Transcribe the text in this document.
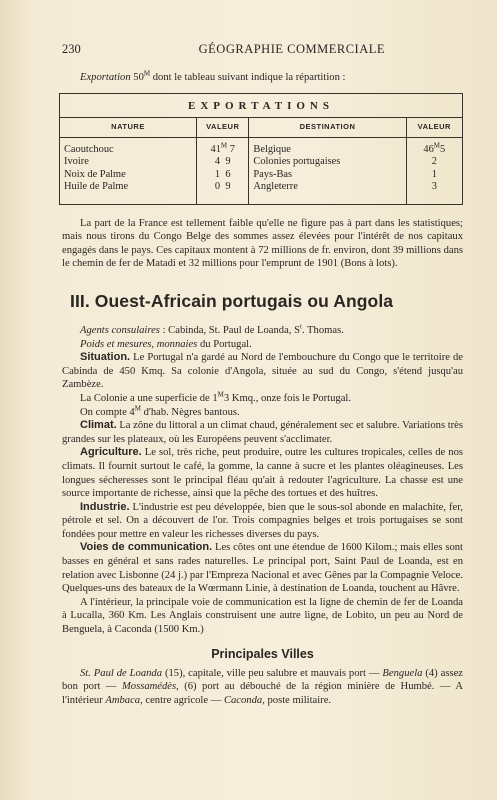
230	GÉOGRAPHIE COMMERCIALE

Exportation $50^M$ dont le tableau suivant indique la répartition :

EXPORTATIONS			
NATURE	VALEUR	DESTINATION	VALEUR
Caoutchouc	$41^M$ 7	Belgique	$46^M5$
Ivoire	4  9	Colonies portugaises	2
Noix de Palme	1  6	Pays-Bas	1
Huile de Palme	0  9	Angleterre	3

La part de la France est tellement faible qu'elle ne figure pas à part dans les statistiques; mais nous tirons du Congo Belge des sommes assez élevées pour l'intérêt de nos capitaux engagés dans le pays. Ces capitaux montent à 72 millions de fr. environ, dont 39 millions dans le chemin de fer de Matadi et 32 millions pour l'emprunt de 1901 (Bons à lots).

III. Ouest-Africain portugais ou Angola

Agents consulaires : Cabinda, St. Paul de Loanda, $S^t$. Thomas.

Poids et mesures, monnaies du Portugal.

Situation. Le Portugal n'a gardé au Nord de l'embouchure du Congo que le territoire de Cabinda de 450 Kmq. Sa colonie d'Angola, située au sud du Congo, s'étend jusqu'au Zambèze.

La Colonie a une superficie de $1^M3$ Kmq., onze fois le Portugal.

On compte $4^M$ d'hab. Nègres bantous.

Climat. La zône du littoral a un climat chaud, généralement sec et salubre. Variations très grandes sur les plateaux, où les Européens peuvent s'acclimater.

Agriculture. Le sol, très riche, peut produire, outre les cultures tropicales, celles de nos climats. Il fournit surtout le café, la gomme, la canne à sucre et les plantes oléagineuses. Les longues sécheresses sont le principal fléau qu'ait à redouter l'agriculture. La chasse est une source importante de richesse, ainsi que la pêche des tortues et des huîtres.

Industrie. L'industrie est peu développée, bien que le sous-sol abonde en malachite, fer, pétrole et sel. On a découvert de l'or. Trois compagnies belges et trois portugaises se sont fondées pour mettre en valeur les richesses diverses du pays.

Voies de communication. Les côtes ont une étendue de 1600 Kilom.; mais elles sont basses en général et sans rades naturelles. Le principal port, Saint Paul de Loanda, est en relation avec Lisbonne (24 j.) par l'Empreza Nacional et avec Gênes par la Compagnie Veloce. Quelques-uns des bateaux de la Wœrmann Linie, à destination de Loanda, touchent au Hâvre.

A l'intérieur, la principale voie de communication est la ligne de chemin de fer de Loanda à Lucalla, 360 Km. Les Anglais construisent une autre ligne, de Lobito, un peu au Nord de Benguela, à Caconda (1500 Km.)

Principales Villes

St. Paul de Loanda (15), capitale, ville peu salubre et mauvais port — Benguela (4) assez bon port — Mossamédès, (6) port au débouché de la région minière de Humbé. — A l'intérieur Ambaca, centre agricole — Caconda, poste militaire.
